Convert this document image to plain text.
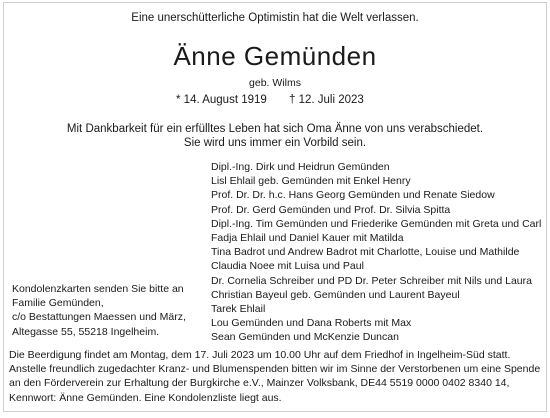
Eine unerschütterliche Optimistin hat die Welt verlassen.
Änne Gemünden
geb. Wilms
* 14. August 1919 † 12. Juli 2023
Mit Dankbarkeit für ein erfülltes Leben hat sich Oma Änne von uns verabschiedet.
Sie wird uns immer ein Vorbild sein.
Dipl.-Ing. Dirk und Heidrun Gemünden
Lisl Ehlail geb. Gemünden mit Enkel Henry
Prof. Dr. Dr. h.c. Hans Georg Gemünden und Renate Siedow
Prof. Dr. Gerd Gemünden und Prof. Dr. Silvia Spitta
Dipl.-Ing. Tim Gemünden und Friederike Gemünden mit Greta und Carl
Fadja Ehlail und Daniel Kauer mit Matilda
Tina Badrot und Andrew Badrot mit Charlotte, Louise und Mathilde
Claudia Noee mit Luisa und Paul
Dr. Cornelia Schreiber und PD Dr. Peter Schreiber mit Nils und Laura
Christian Bayeul geb. Gemünden und Laurent Bayeul
Tarek Ehlail
Lou Gemünden und Dana Roberts mit Max
Sean Gemünden und McKenzie Duncan
Kondolenzkarten senden Sie bitte an
Familie Gemünden,
c/o Bestattungen Maessen und März,
Altegasse 55, 55218 Ingelheim.
Die Beerdigung findet am Montag, dem 17. Juli 2023 um 10.00 Uhr auf dem Friedhof in Ingelheim-Süd statt.
Anstelle freundlich zugedachter Kranz- und Blumenspenden bitten wir im Sinne der Verstorbenen um eine Spende
an den Förderverein zur Erhaltung der Burgkirche e.V., Mainzer Volksbank, DE44 5519 0000 0402 8340 14,
Kennwort: Änne Gemünden. Eine Kondolenzliste liegt aus.
